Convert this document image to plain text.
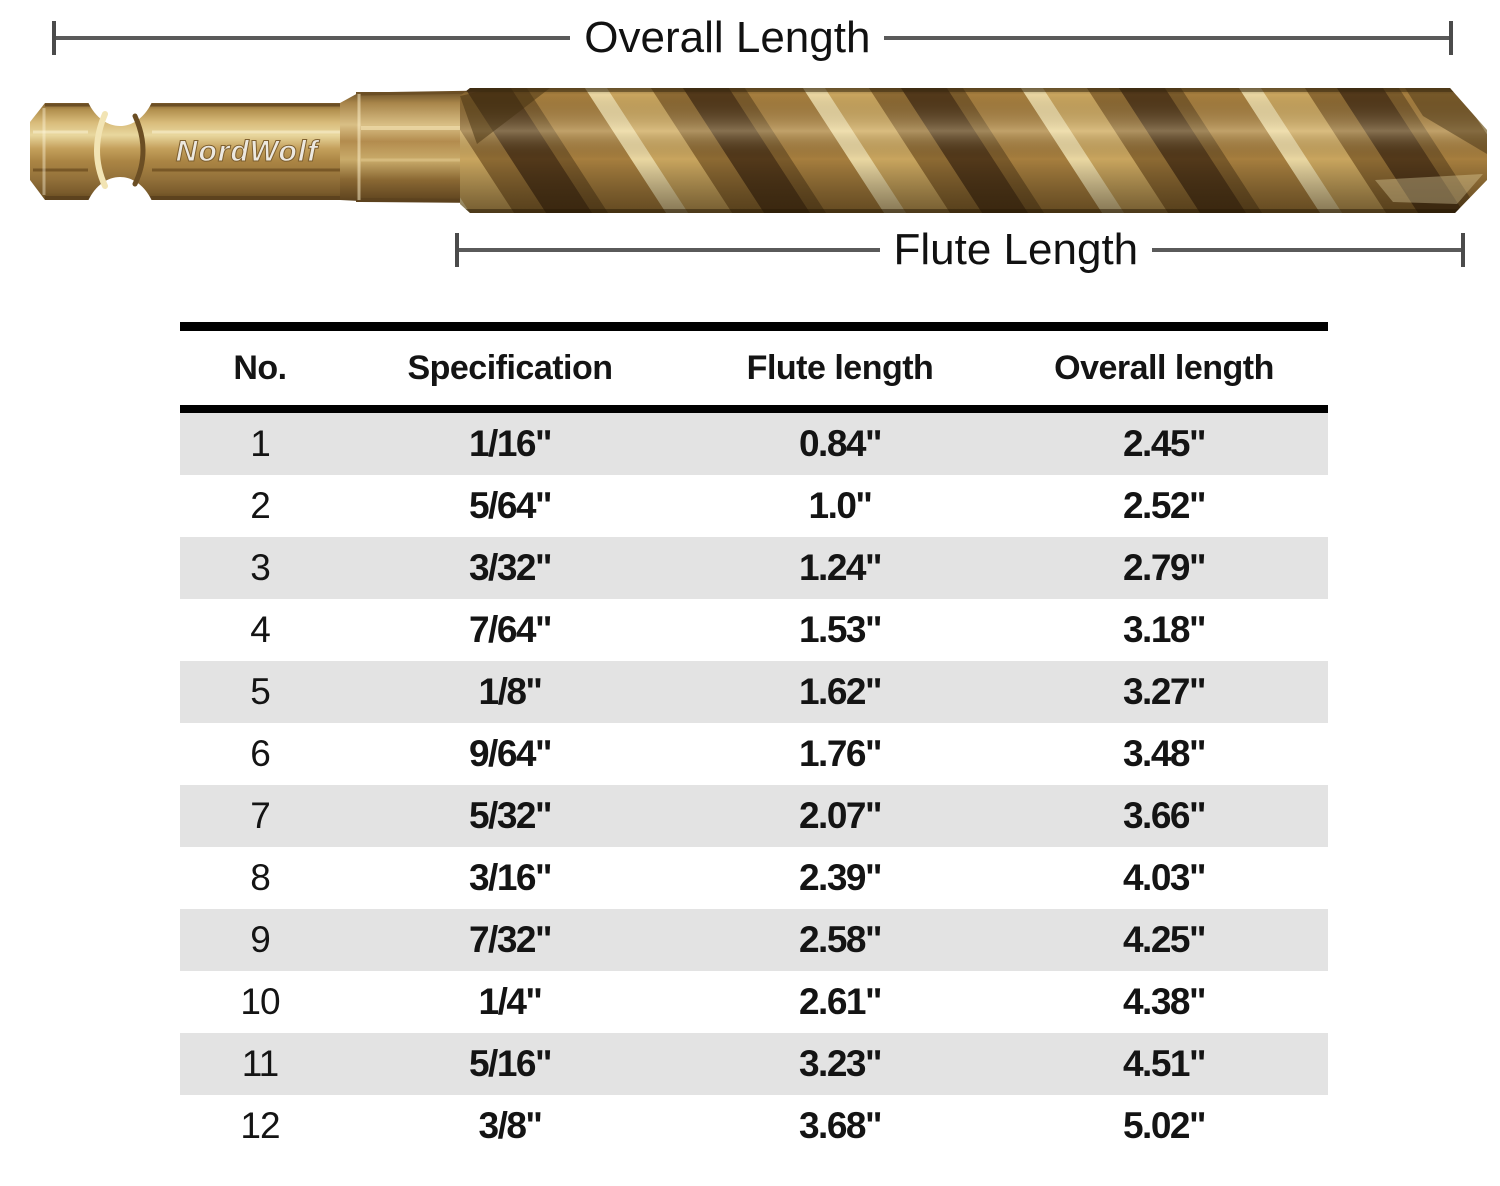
Overall Length
NordWolf
Flute Length
No.	Specification	Flute length	Overall length
1	1/16"	0.84"	2.45"
2	5/64"	1.0"	2.52"
3	3/32"	1.24"	2.79"
4	7/64"	1.53"	3.18"
5	1/8"	1.62"	3.27"
6	9/64"	1.76"	3.48"
7	5/32"	2.07"	3.66"
8	3/16"	2.39"	4.03"
9	7/32"	2.58"	4.25"
10	1/4"	2.61"	4.38"
11	5/16"	3.23"	4.51"
12	3/8"	3.68"	5.02"
